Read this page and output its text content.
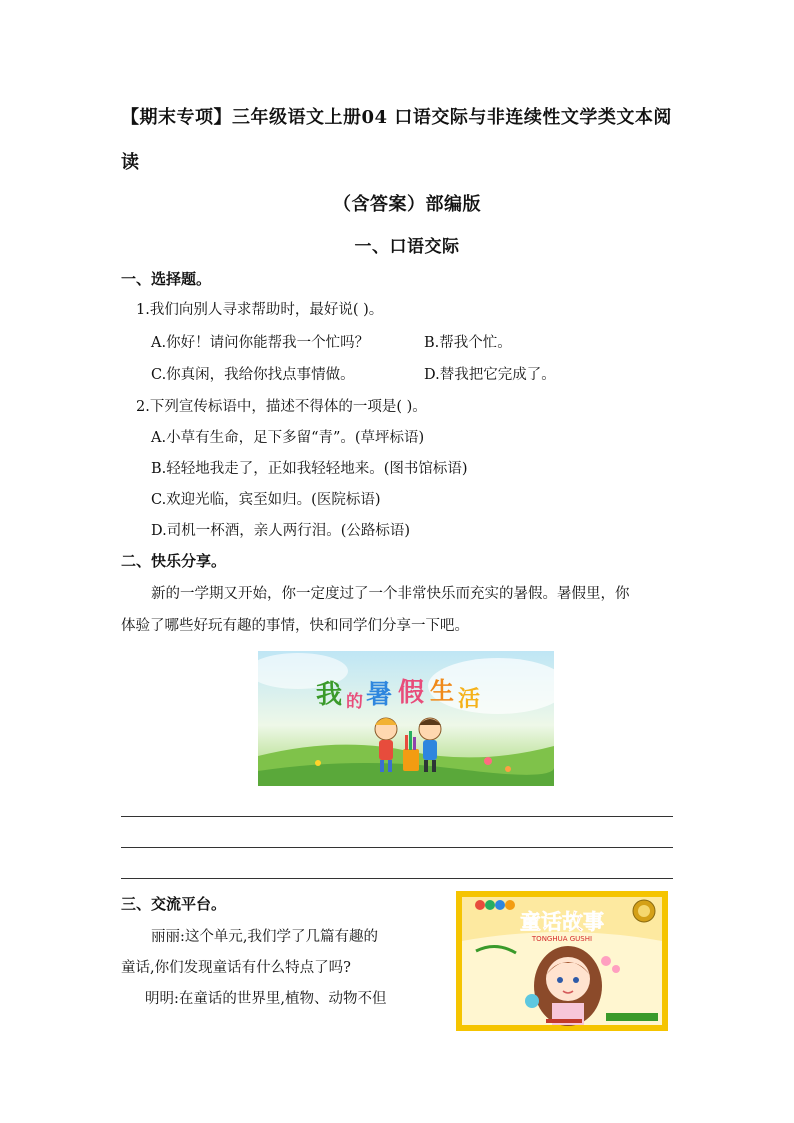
【期末专项】三年级语文上册04 口语交际与非连续性文学类文本阅
读
（含答案）部编版
一、口语交际
一、选择题。
1.我们向别人寻求帮助时，最好说( )。
A.你好！请问你能帮我一个忙吗？	B.帮我个忙。
C.你真闲，我给你找点事情做。	D.替我把它完成了。
2.下列宣传标语中，描述不得体的一项是( )。
A.小草有生命，足下多留“青”。(草坪标语)
B.轻轻地我走了，正如我轻轻地来。(图书馆标语)
C.欢迎光临，宾至如归。(医院标语)
D.司机一杯酒，亲人两行泪。(公路标语)
二、快乐分享。
新的一学期又开始，你一定度过了一个非常快乐而充实的暑假。暑假里，你
体验了哪些好玩有趣的事情，快和同学们分享一下吧。
我 的 暑 假 生 活
三、交流平台。
丽丽:这个单元,我们学了几篇有趣的
童话,你们发现童话有什么特点了吗?
明明:在童话的世界里,植物、动物不但
童话故事
TONGHUA GUSHI
